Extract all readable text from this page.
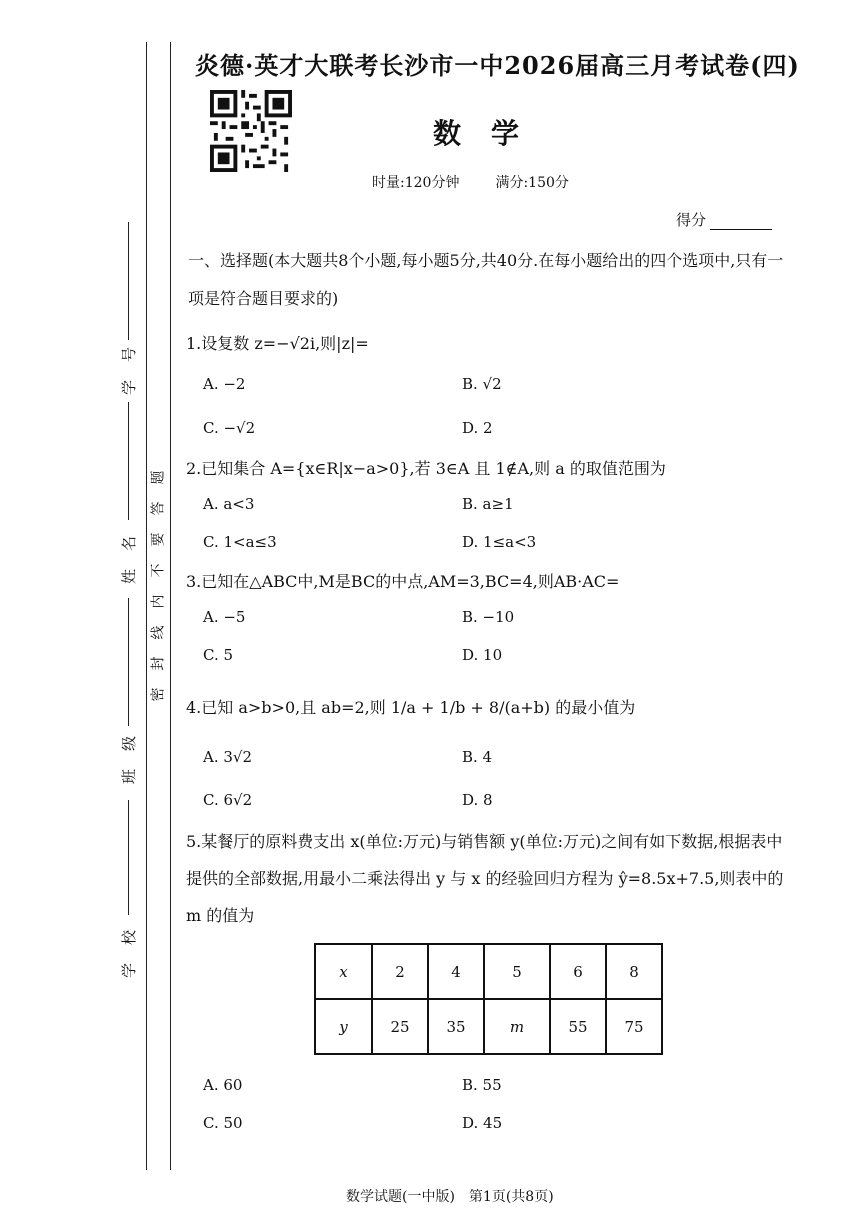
学号
姓名
班级
学校
题
答
要
不
内
线
封
密
炎德·英才大联考长沙市一中2026届高三月考试卷(四)
数学
时量:120分钟	满分:150分
得分
一、选择题(本大题共8个小题,每小题5分,共40分.在每小题给出的四个选项中,只有一项是符合题目要求的)
1.设复数 z=−√2i,则|z|=
A. −2	B. √2
C. −√2	D. 2
2.已知集合 A={x∈R|x−a>0},若 3∈A 且 1∉A,则 a 的取值范围为
A. a<3	B. a≥1
C. 1<a≤3	D. 1≤a<3
3.已知在△ABC中,M是BC的中点,AM=3,BC=4,则AB·AC=
A. −5	B. −10
C. 5	D. 10
4.已知 a>b>0,且 ab=2,则 1/a + 1/b + 8/(a+b) 的最小值为
A. 3√2	B. 4
C. 6√2	D. 8
5.某餐厅的原料费支出 x(单位:万元)与销售额 y(单位:万元)之间有如下数据,根据表中提供的全部数据,用最小二乘法得出 y 与 x 的经验回归方程为 ŷ=8.5x+7.5,则表中的 m 的值为
x	2	4	5	6	8
y	25	35	m	55	75
A. 60	B. 55
C. 50	D. 45
数学试题(一中版)　第1页(共8页)
